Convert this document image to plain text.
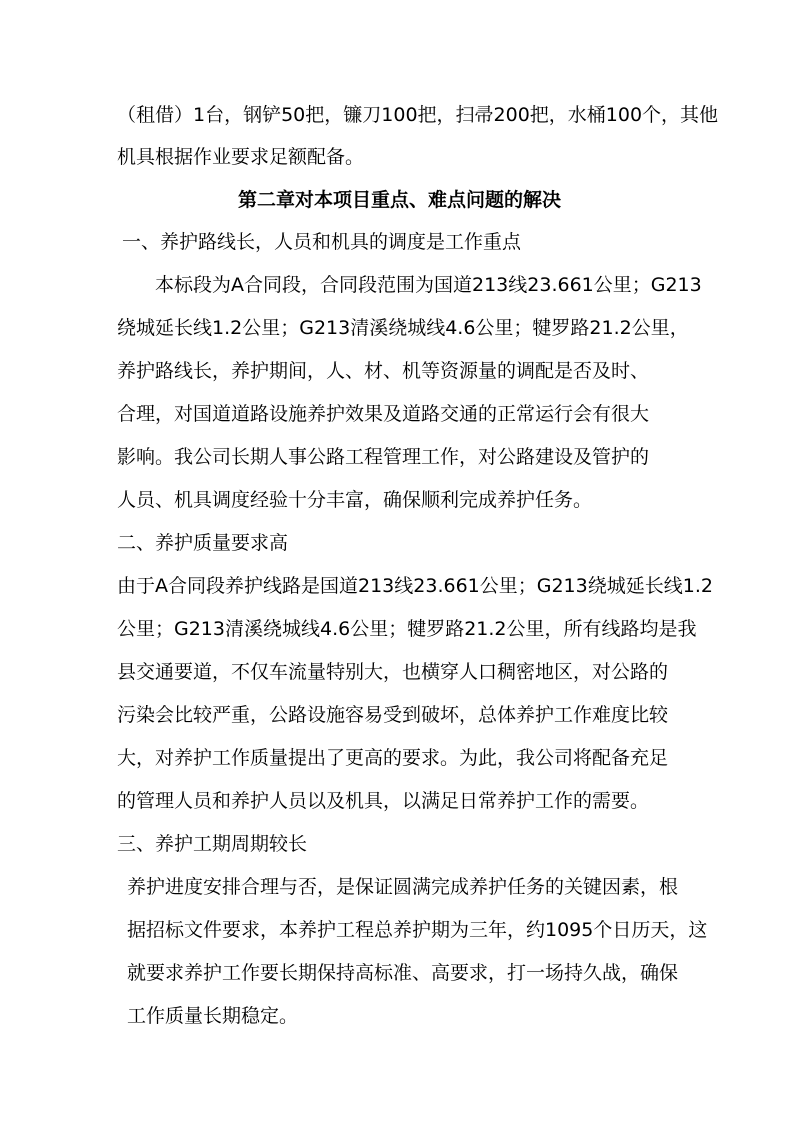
（租借）1台，钢铲50把，镰刀100把，扫帚200把，水桶100个，其他
机具根据作业要求足额配备。
第二章对本项目重点、难点问题的解决
一、养护路线长，人员和机具的调度是工作重点
本标段为A合同段，合同段范围为国道213线23.661公里；G213
绕城延长线1.2公里；G213清溪绕城线4.6公里；犍罗路21.2公里，
养护路线长，养护期间，人、材、机等资源量的调配是否及时、
合理，对国道道路设施养护效果及道路交通的正常运行会有很大
影响。我公司长期人事公路工程管理工作，对公路建设及管护的
人员、机具调度经验十分丰富，确保顺利完成养护任务。
二、养护质量要求高
由于A合同段养护线路是国道213线23.661公里；G213绕城延长线1.2
公里；G213清溪绕城线4.6公里；犍罗路21.2公里，所有线路均是我
县交通要道，不仅车流量特别大，也横穿人口稠密地区，对公路的
污染会比较严重，公路设施容易受到破坏，总体养护工作难度比较
大，对养护工作质量提出了更高的要求。为此，我公司将配备充足
的管理人员和养护人员以及机具，以满足日常养护工作的需要。
三、养护工期周期较长
养护进度安排合理与否，是保证圆满完成养护任务的关键因素，根
据招标文件要求，本养护工程总养护期为三年，约1095个日历天，这
就要求养护工作要长期保持高标准、高要求，打一场持久战，确保
工作质量长期稳定。
